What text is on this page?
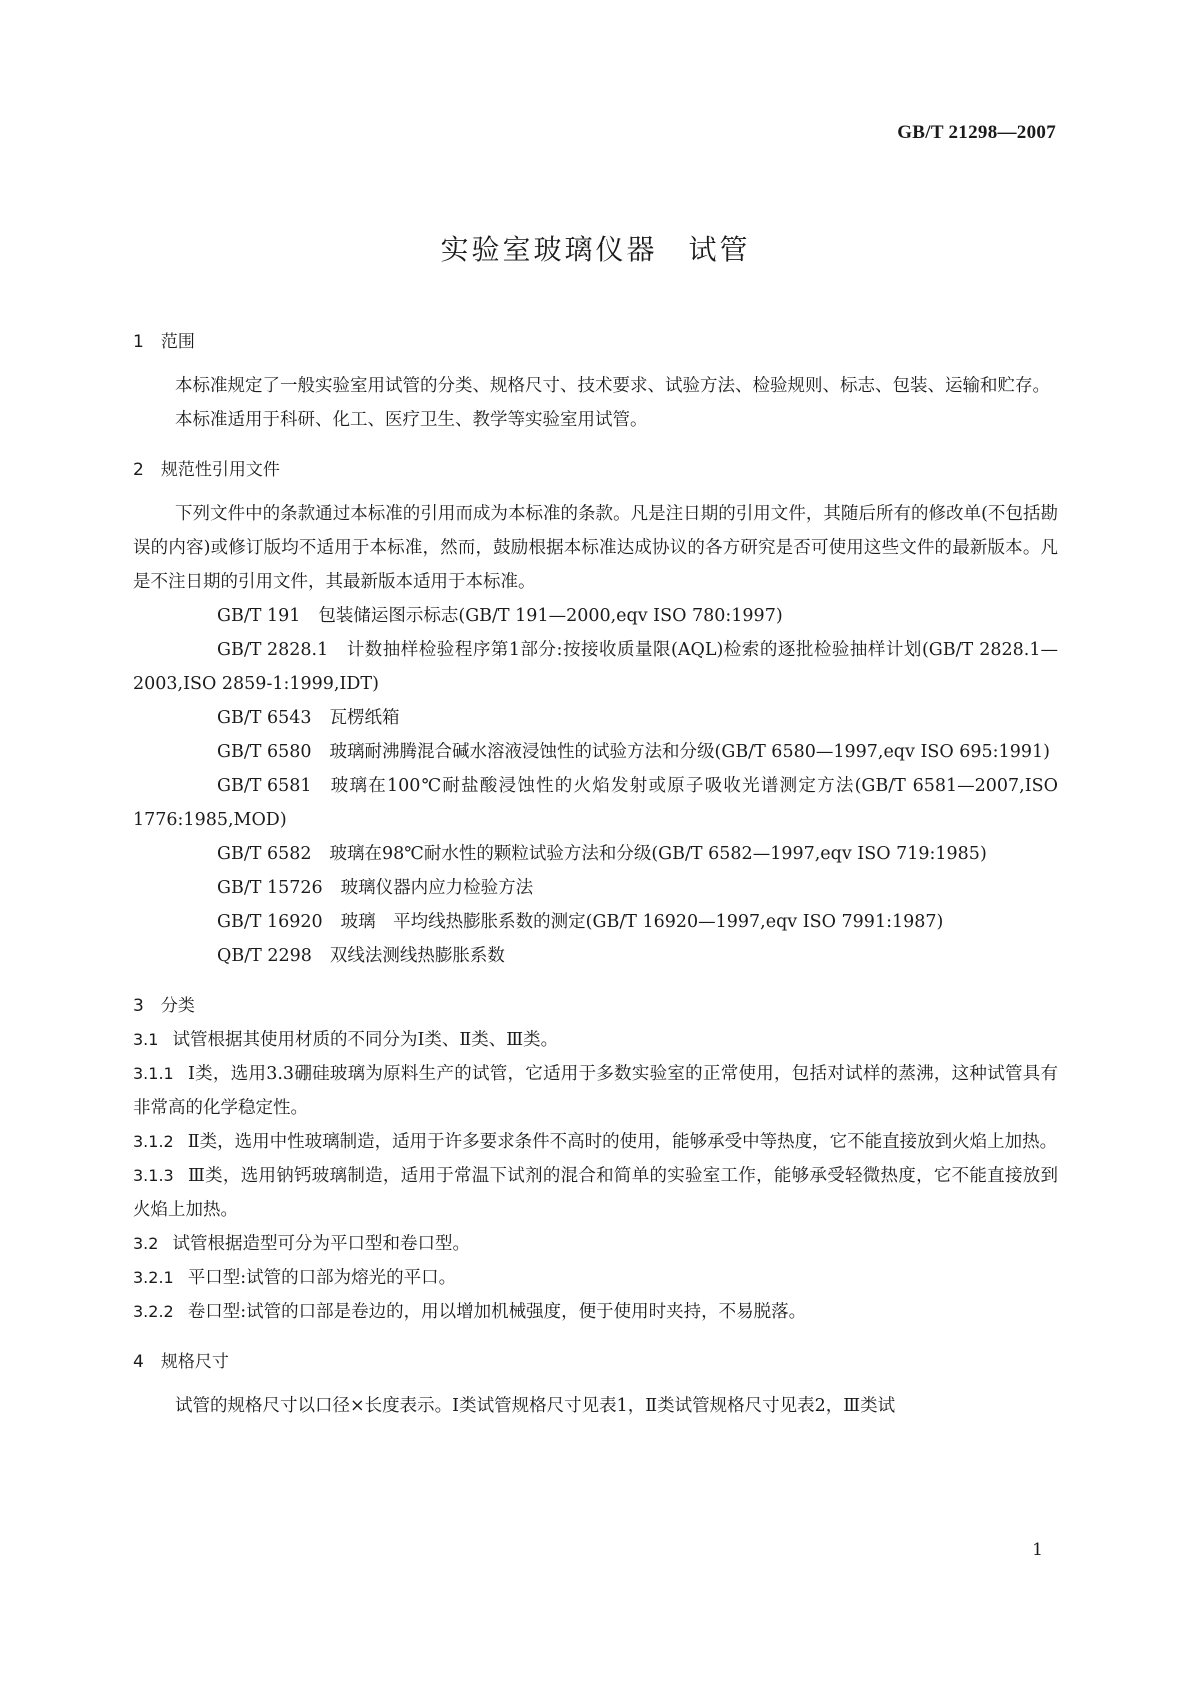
GB/T 21298—2007
实验室玻璃仪器　试管

1　范围

本标准规定了一般实验室用试管的分类、规格尺寸、技术要求、试验方法、检验规则、标志、包装、运输和贮存。

本标准适用于科研、化工、医疗卫生、教学等实验室用试管。

2　规范性引用文件

下列文件中的条款通过本标准的引用而成为本标准的条款。凡是注日期的引用文件，其随后所有的修改单(不包括勘误的内容)或修订版均不适用于本标准，然而，鼓励根据本标准达成协议的各方研究是否可使用这些文件的最新版本。凡是不注日期的引用文件，其最新版本适用于本标准。

GB/T 191 包装储运图示标志(GB/T 191—2000,eqv ISO 780:1997)

GB/T 2828.1 计数抽样检验程序第1部分:按接收质量限(AQL)检索的逐批检验抽样计划(GB/T 2828.1—2003,ISO 2859-1:1999,IDT)

GB/T 6543 瓦楞纸箱

GB/T 6580 玻璃耐沸腾混合碱水溶液浸蚀性的试验方法和分级(GB/T 6580—1997,eqv ISO 695:1991)

GB/T 6581 玻璃在100℃耐盐酸浸蚀性的火焰发射或原子吸收光谱测定方法(GB/T 6581—2007,ISO 1776:1985,MOD)

GB/T 6582 玻璃在98℃耐水性的颗粒试验方法和分级(GB/T 6582—1997,eqv ISO 719:1985)

GB/T 15726 玻璃仪器内应力检验方法

GB/T 16920 玻璃　平均线热膨胀系数的测定(GB/T 16920—1997,eqv ISO 7991:1987)

QB/T 2298 双线法测线热膨胀系数

3　分类

3.1 试管根据其使用材质的不同分为Ⅰ类、Ⅱ类、Ⅲ类。

3.1.1 Ⅰ类，选用3.3硼硅玻璃为原料生产的试管，它适用于多数实验室的正常使用，包括对试样的蒸沸，这种试管具有非常高的化学稳定性。

3.1.2 Ⅱ类，选用中性玻璃制造，适用于许多要求条件不高时的使用，能够承受中等热度，它不能直接放到火焰上加热。

3.1.3 Ⅲ类，选用钠钙玻璃制造，适用于常温下试剂的混合和简单的实验室工作，能够承受轻微热度，它不能直接放到火焰上加热。

3.2 试管根据造型可分为平口型和卷口型。

3.2.1 平口型:试管的口部为熔光的平口。

3.2.2 卷口型:试管的口部是卷边的，用以增加机械强度，便于使用时夹持，不易脱落。

4　规格尺寸

试管的规格尺寸以口径×长度表示。Ⅰ类试管规格尺寸见表1，Ⅱ类试管规格尺寸见表2，Ⅲ类试

1
